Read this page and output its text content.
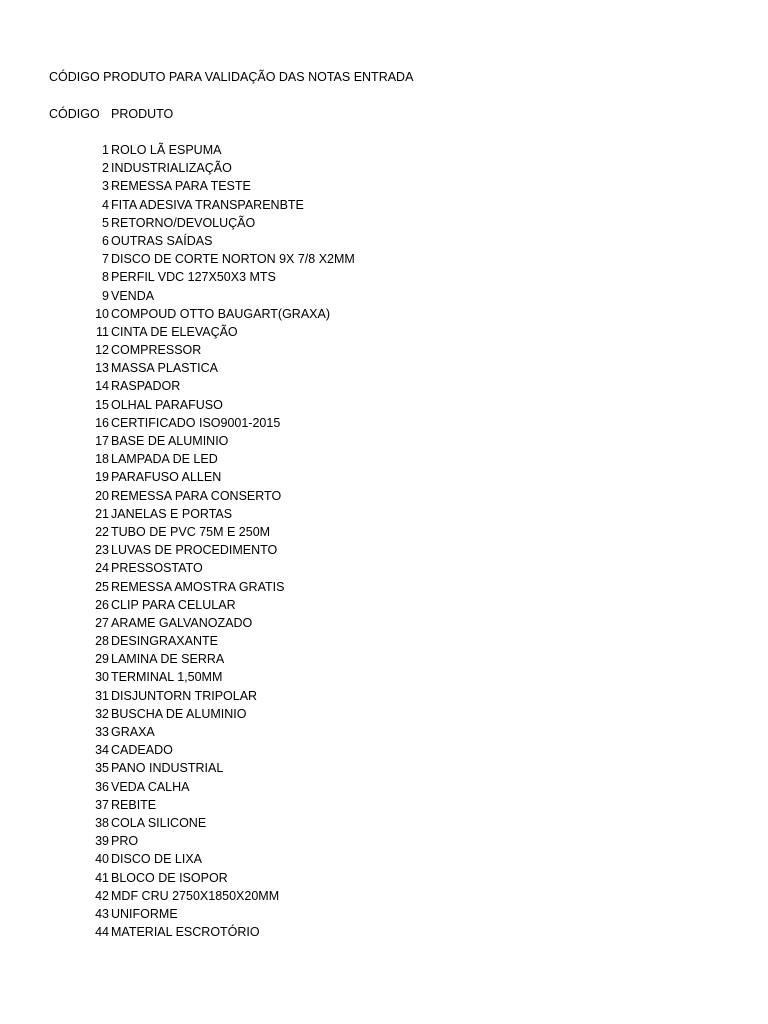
CÓDIGO PRODUTO PARA VALIDAÇÃO DAS NOTAS ENTRADA
CÓDIGO PRODUTO
1 ROLO LÃ ESPUMA
2 INDUSTRIALIZAÇÃO
3 REMESSA PARA TESTE
4 FITA ADESIVA TRANSPARENBTE
5 RETORNO/DEVOLUÇÃO
6 OUTRAS SAÍDAS
7 DISCO DE CORTE NORTON 9X 7/8 X2MM
8 PERFIL VDC 127X50X3 MTS
9 VENDA
10 COMPOUD OTTO BAUGART(GRAXA)
11 CINTA DE ELEVAÇÃO
12 COMPRESSOR
13 MASSA PLASTICA
14 RASPADOR
15 OLHAL PARAFUSO
16 CERTIFICADO ISO9001-2015
17 BASE DE ALUMINIO
18 LAMPADA DE LED
19 PARAFUSO ALLEN
20 REMESSA PARA CONSERTO
21 JANELAS E PORTAS
22 TUBO DE PVC 75M E 250M
23 LUVAS DE PROCEDIMENTO
24 PRESSOSTATO
25 REMESSA AMOSTRA GRATIS
26 CLIP PARA CELULAR
27 ARAME GALVANOZADO
28 DESINGRAXANTE
29 LAMINA DE SERRA
30 TERMINAL 1,50MM
31 DISJUNTORN TRIPOLAR
32 BUSCHA DE ALUMINIO
33 GRAXA
34 CADEADO
35 PANO INDUSTRIAL
36 VEDA CALHA
37 REBITE
38 COLA SILICONE
39 PRO
40 DISCO DE LIXA
41 BLOCO DE ISOPOR
42 MDF CRU 2750X1850X20MM
43 UNIFORME
44 MATERIAL ESCROTÓRIO
